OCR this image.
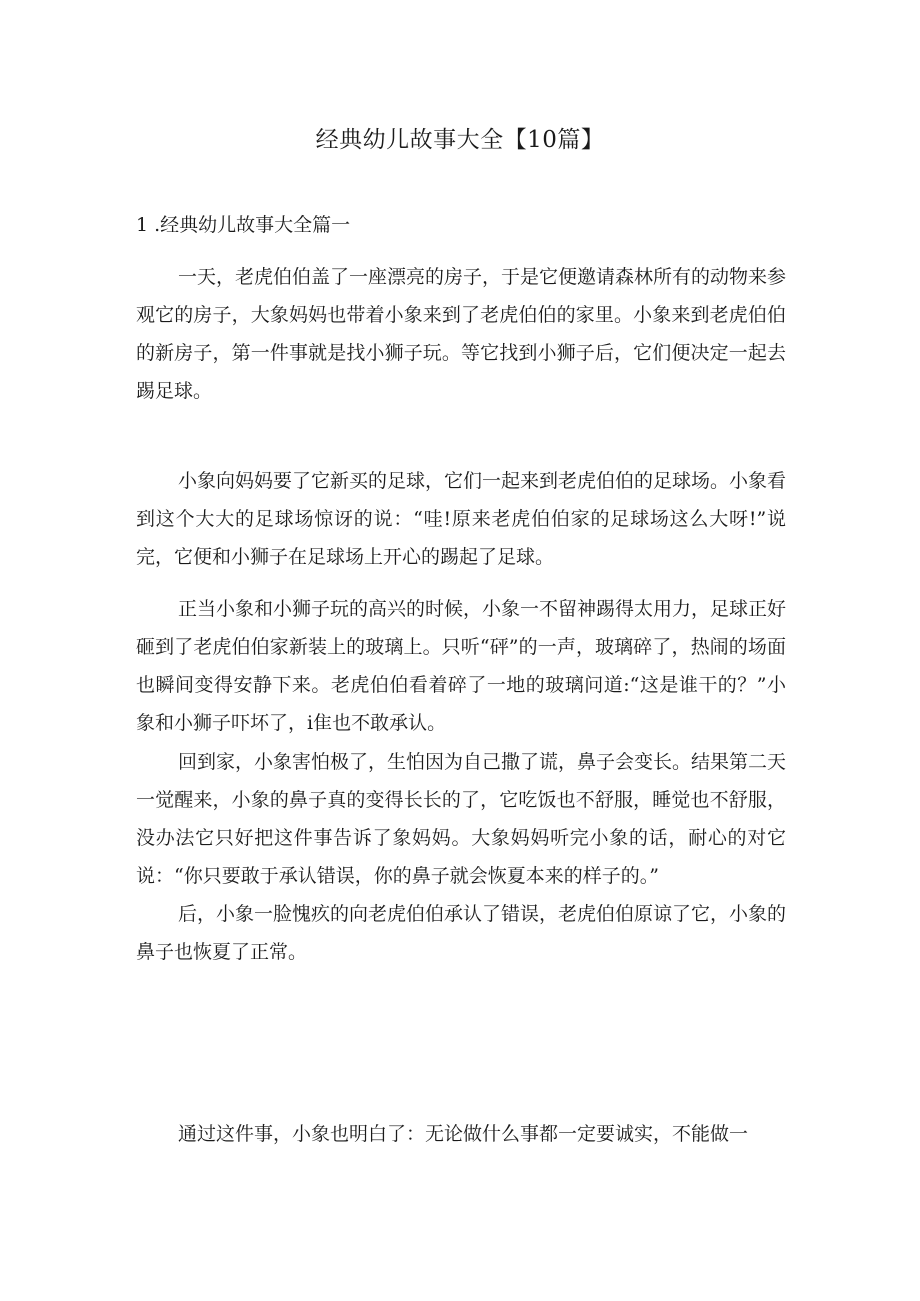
经典幼儿故事大全【10篇】
1 .经典幼儿故事大全篇一

一天，老虎伯伯盖了一座漂亮的房子，于是它便邀请森林所有的动物来参观它的房子，大象妈妈也带着小象来到了老虎伯伯的家里。小象来到老虎伯伯的新房子，第一件事就是找小狮子玩。等它找到小狮子后，它们便决定一起去踢足球。

小象向妈妈要了它新买的足球，它们一起来到老虎伯伯的足球场。小象看到这个大大的足球场惊讶的说：“哇!原来老虎伯伯家的足球场这么大呀!”说完，它便和小狮子在足球场上开心的踢起了足球。

正当小象和小狮子玩的高兴的时候，小象一不留神踢得太用力，足球正好砸到了老虎伯伯家新装上的玻璃上。只听“砰”的一声，玻璃碎了，热闹的场面也瞬间变得安静下来。老虎伯伯看着碎了一地的玻璃问道:“这是谁干的？”小象和小狮子吓坏了，i隹也不敢承认。

回到家，小象害怕极了，生怕因为自己撒了谎，鼻子会变长。结果第二天一觉醒来，小象的鼻子真的变得长长的了，它吃饭也不舒服，睡觉也不舒服，没办法它只好把这件事告诉了象妈妈。大象妈妈听完小象的话，耐心的对它说：“你只要敢于承认错误，你的鼻子就会恢夏本来的样子的。”

后，小象一脸愧疚的向老虎伯伯承认了错误，老虎伯伯原谅了它，小象的鼻子也恢夏了正常。

通过这件事，小象也明白了：无论做什么事都一定要诚实，不能做一
